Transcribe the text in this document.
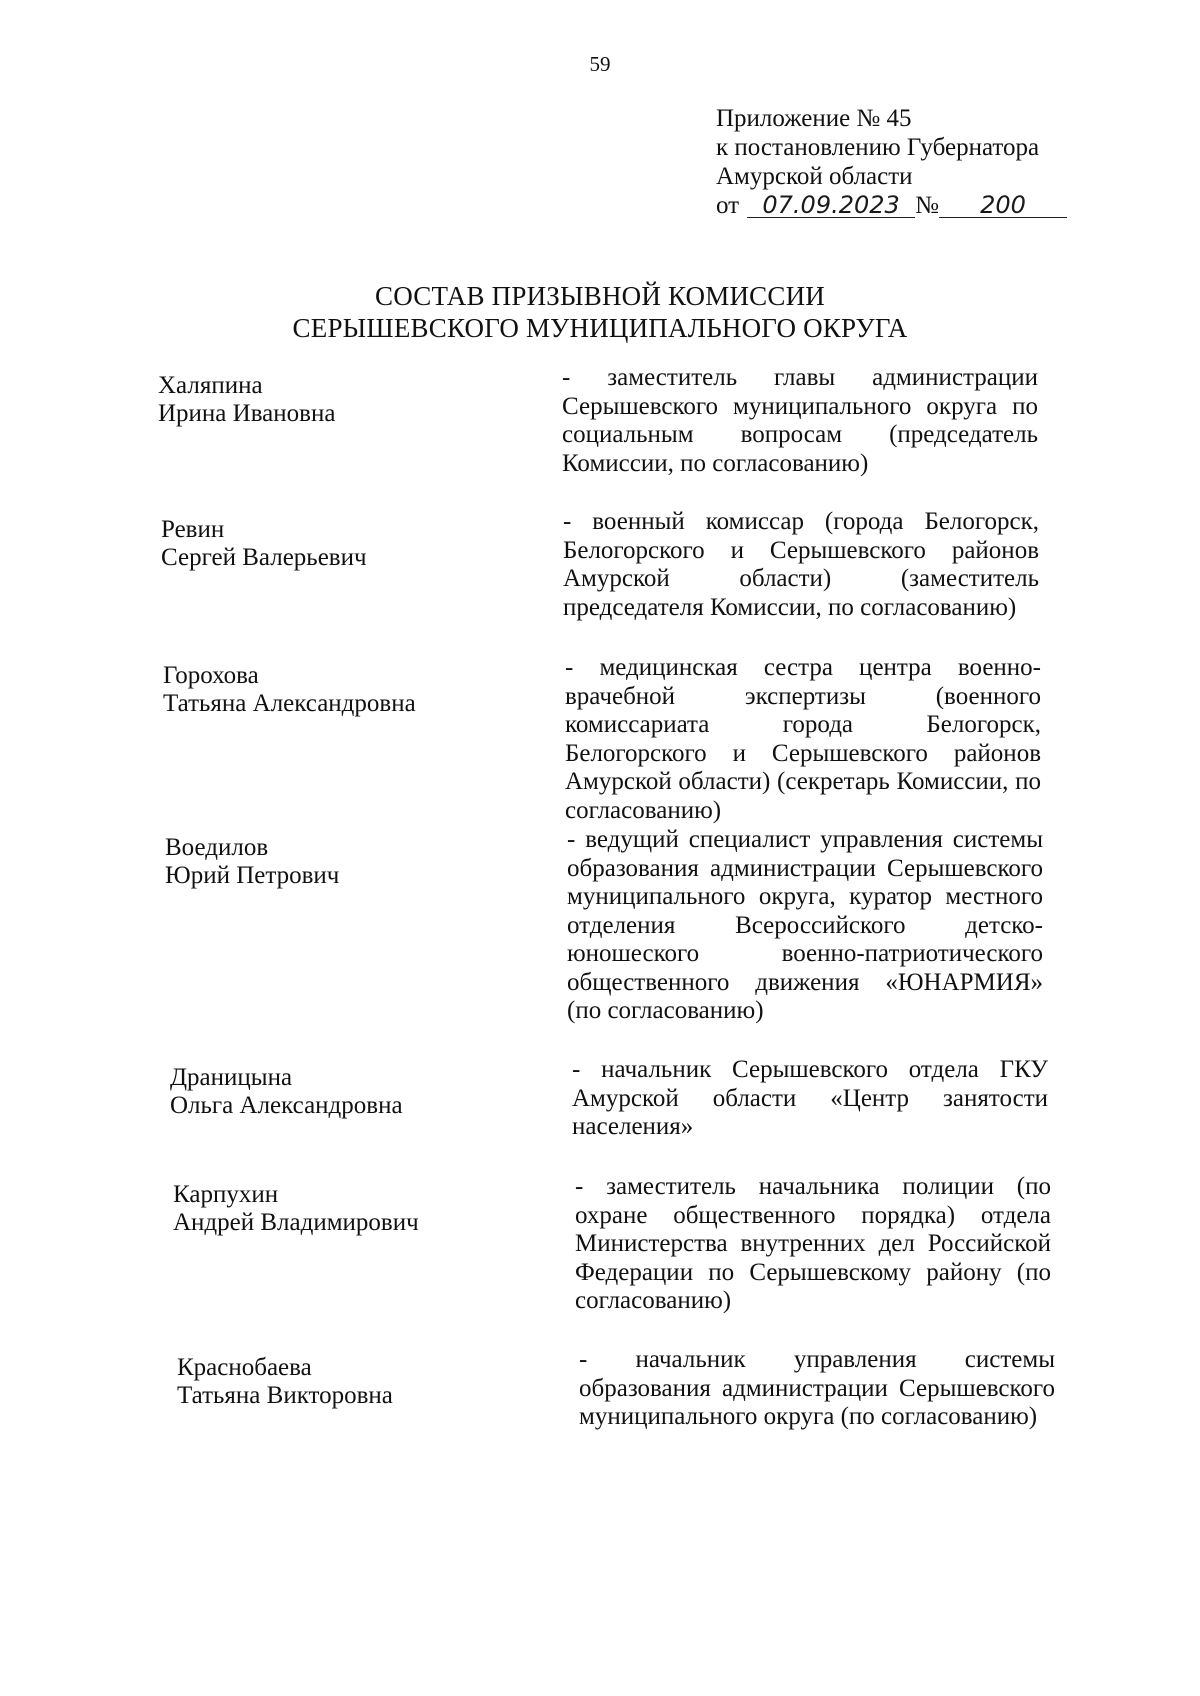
59
Приложение № 45
к постановлению Губернатора
Амурской области
от 07.09.2023 №	200
СОСТАВ ПРИЗЫВНОЙ КОМИССИИ
СЕРЫШЕВСКОГО МУНИЦИПАЛЬНОГО ОКРУГА
Халяпина
Ирина Ивановна
- заместитель главы администрации Серышевского муниципального округа по социальным вопросам (председатель Комиссии, по согласованию)
Ревин
Сергей Валерьевич
- военный комиссар (города Белогорск, Белогорского и Серышевского районов Амурской области) (заместитель председателя Комиссии, по согласованию)
Горохова
Татьяна Александровна
- медицинская сестра центра военно-врачебной экспертизы (военного комиссариата города Белогорск, Белогорского и Серышевского районов Амурской области) (секретарь Комиссии, по согласованию)
Воедилов
Юрий Петрович
- ведущий специалист управления системы образования администрации Серышевского муниципального округа, куратор местного отделения Всероссийского детско- юношеского военно-патриотического общественного движения «ЮНАРМИЯ» (по согласованию)
Драницына
Ольга Александровна
- начальник Серышевского отдела ГКУ Амурской области «Центр занятости населения»
Карпухин
Андрей Владимирович
- заместитель начальника полиции (по охране общественного порядка) отдела Министерства внутренних дел Российской Федерации по Серышевскому району (по согласованию)
Краснобаева
Татьяна Викторовна
- начальник управления системы образования администрации Серышевского муниципального округа (по согласованию)
